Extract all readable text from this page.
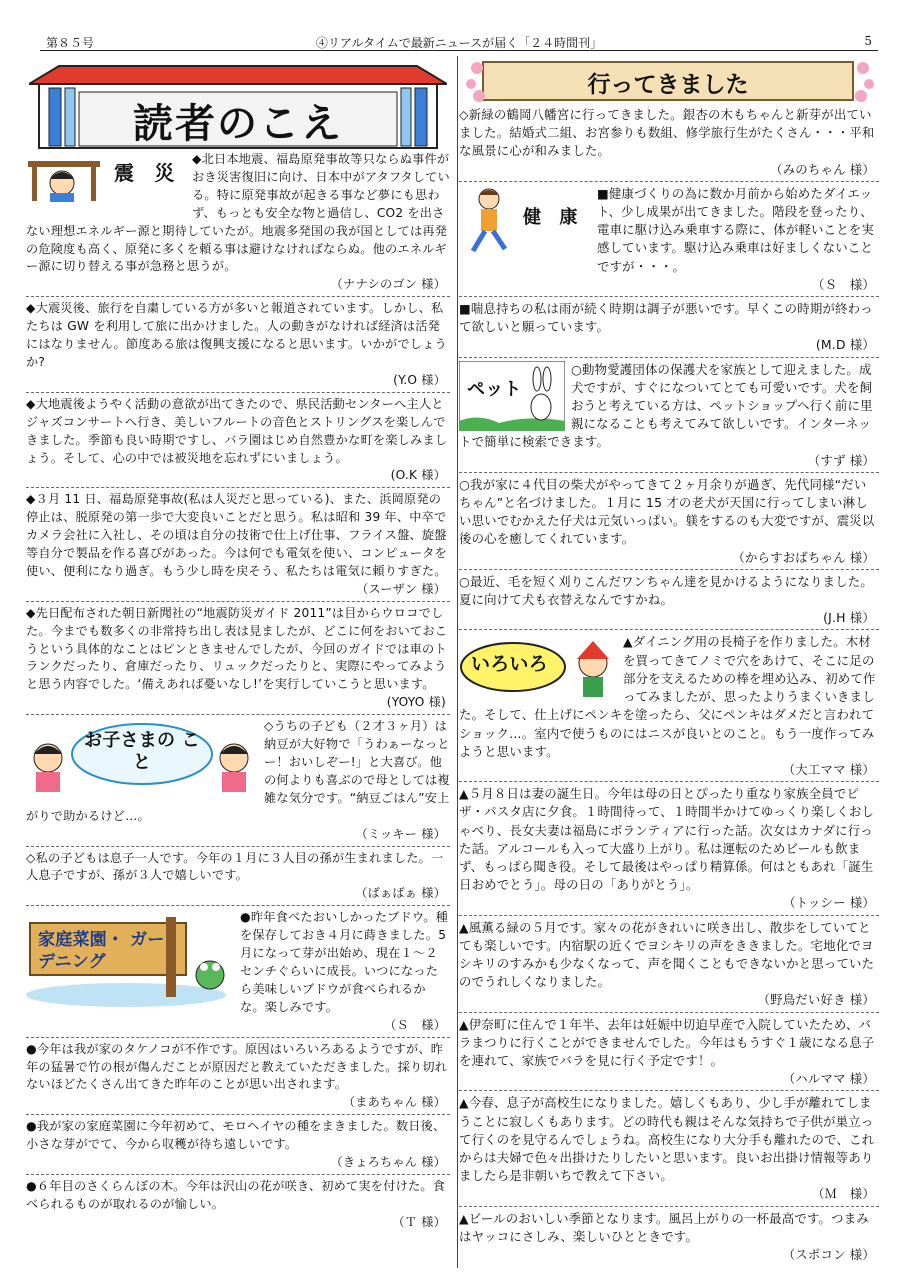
第８５号	④リアルタイムで最新ニュースが届く「２４時間刊」	5
読者のこえ
行ってきました
震　災
◆北日本地震、福島原発事故等只ならぬ事件がおき災害復旧に向け、日本中がアタフタしている。特に原発事故が起きる事など夢にも思わず、もっとも安全な物と過信し、CO2 を出さない理想エネルギー源と期待していたが。地震多発国の我が国としては再発の危険度も高く、原発に多くを頼る事は避けなければならぬ。他のエネルギー源に切り替える事が急務と思うが。
（ナナシのゴン 様）
◆大震災後、旅行を自粛している方が多いと報道されています。しかし、私たちは GW を利用して旅に出かけました。人の動きがなければ経済は活発にはなりません。節度ある旅は復興支援になると思います。いかがでしょうか?
(Y.O 様）
◆大地震後ようやく活動の意欲が出てきたので、県民活動センターへ主人とジャズコンサートへ行き、美しいフルートの音色とストリングスを楽しんできました。季節も良い時期ですし、バラ園はじめ自然豊かな町を楽しみましょう。そして、心の中では被災地を忘れずにいましょう。
(O.K 様）
◆３月 11 日、福島原発事故(私は人災だと思っている)、また、浜岡原発の停止は、脱原発の第一歩で大変良いことだと思う。私は昭和 39 年、中卒でカメラ会社に入社し、その頃は自分の技術で仕上げ仕事、フライス盤、旋盤等自分で製品を作る喜びがあった。今は何でも電気を使い、コンピュータを使い、便利になり過ぎ。もう少し時を戻そう、私たちは電気に頼りすぎた。
（スーザン 様）
◆先日配布された朝日新聞社の“地震防災ガイド 2011”は目からウロコでした。今までも数多くの非常持ち出し表は見ましたが、どこに何をおいておこうという具体的なことはピンときませんでしたが、今回のガイドでは車のトランクだったり、倉庫だったり、リュックだったりと、実際にやってみようと思う内容でした。‘備えあれば憂いなし!’を実行していこうと思います。
(YOYO 様)
お子さまの こと
◇うちの子ども（２才３ヶ月）は納豆が大好物で「うわぁーなっとー！おいしぞー!」と大喜び。他の何よりも喜ぶので母としては複雑な気分です。“納豆ごはん”安上がりで助かるけど…。
（ミッキー 様）
◇私の子どもは息子一人です。今年の１月に３人目の孫が生まれました。一人息子ですが、孫が３人で嬉しいです。
（ばぁばぁ 様）
家庭菜園・ ガーデニング
●昨年食べたおいしかったブドウ。種を保存しておき４月に蒔きました。5月になって芽が出始め、現在１～２センチぐらいに成長。いつになったら美味しいブドウが食べられるかな。楽しみです。
（Ｓ　様）
●今年は我が家のタケノコが不作です。原因はいろいろあるようですが、昨年の猛暑で竹の根が傷んだことが原因だと教えていただきました。採り切れないほどたくさん出てきた昨年のことが思い出されます。
（まあちゃん 様）
●我が家の家庭菜園に今年初めて、モロヘイヤの種をまきました。数日後、小さな芽がでて、今から収穫が待ち遠しいです。
（きょろちゃん 様）
●６年目のさくらんぼの木。今年は沢山の花が咲き、初めて実を付けた。食べられるものが取れるのが愉しい。
（Ｔ 様）
◇新緑の鶴岡八幡宮に行ってきました。銀杏の木もちゃんと新芽が出ていました。結婚式二組、お宮参りも数組、修学旅行生がたくさん・・・平和な風景に心が和みました。
（みのちゃん 様）
健　康
■健康づくりの為に数か月前から始めたダイエット、少し成果が出てきました。階段を登ったり、電車に駆け込み乗車する際に、体が軽いことを実感しています。駆け込み乗車は好ましくないことですが・・・。
（Ｓ　様）
■喘息持ちの私は雨が続く時期は調子が悪いです。早くこの時期が終わって欲しいと願っています。
(M.D 様）
ペット
○動物愛護団体の保護犬を家族として迎えました。成犬ですが、すぐになついてとても可愛いです。犬を飼おうと考えている方は、ペットショップへ行く前に里親になることも考えてみて欲しいです。インターネットで簡単に検索できます。
（すず 様）
○我が家に４代目の柴犬がやってきて２ヶ月余りが過ぎ、先代同様“だいちゃん”と名づけました。１月に 15 才の老犬が天国に行ってしまい淋しい思いでむかえた仔犬は元気いっぱい。躾をするのも大変ですが、震災以後の心を癒してくれています。
（からすおばちゃん 様）
○最近、毛を短く刈りこんだワンちゃん達を見かけるようになりました。夏に向けて犬も衣替えなんですかね。
(J.H 様）
いろいろ
▲ダイニング用の長椅子を作りました。木材を買ってきてノミで穴をあけて、そこに足の部分を支えるための棒を埋め込み、初めて作ってみましたが、思ったよりうまくいきました。そして、仕上げにペンキを塗ったら、父にペンキはダメだと言われてショック…。室内で使うものにはニスが良いとのこと。もう一度作ってみようと思います。
（大工ママ 様）
▲５月８日は妻の誕生日。今年は母の日とぴったり重なり家族全員でピザ・パスタ店に夕食。１時間待って、１時間半かけてゆっくり楽しくおしゃべり、長女夫妻は福島にボランティアに行った話。次女はカナダに行った話。アルコールも入って大盛り上がり。私は運転のためビールも飲まず、もっぱら聞き役。そして最後はやっぱり精算係。何はともあれ「誕生日おめでとう」。母の日の「ありがとう」。
（トッシー 様）
▲風薫る緑の５月です。家々の花がきれいに咲き出し、散歩をしていてとても楽しいです。内宿駅の近くでヨシキリの声をききました。宅地化でヨシキリのすみかも少なくなって、声を聞くこともできないかと思っていたのでうれしくなりました。
（野鳥だい好き 様）
▲伊奈町に住んで１年半、去年は妊娠中切迫早産で入院していたため、バラまつりに行くことができませんでした。今年はもうすぐ１歳になる息子を連れて、家族でバラを見に行く予定です！。
（ハルママ 様）
▲今春、息子が高校生になりました。嬉しくもあり、少し手が離れてしまうことに寂しくもあります。どの時代も親はそんな気持ちで子供が巣立って行くのを見守るんでしょうね。高校生になり大分手も離れたので、これからは夫婦で色々出掛けたりしたいと思います。良いお出掛け情報等ありましたら是非朝いちで教えて下さい。
（Ｍ　様）
▲ビールのおいしい季節となります。風呂上がりの一杯最高です。つまみはヤッコにさしみ、楽しいひとときです。
（スポコン 様）
